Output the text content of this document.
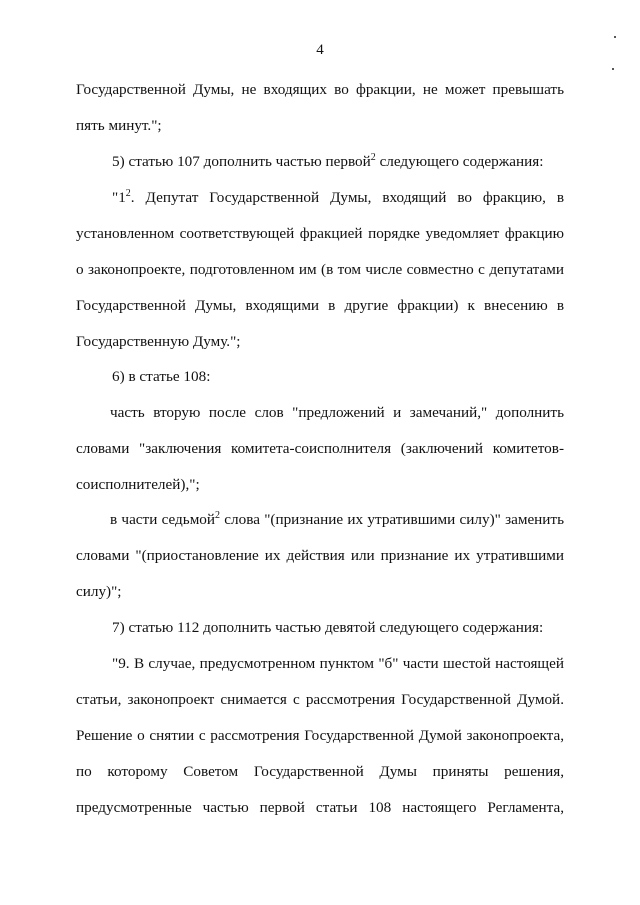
4
Государственной Думы, не входящих во фракции, не может превышать
пять минут.";
5) статью 107 дополнить частью первой$^2$ следующего содержания:
"$1^2$. Депутат Государственной Думы, входящий во фракцию, в
установленном соответствующей фракцией порядке уведомляет фракцию
о законопроекте, подготовленном им (в том числе совместно с депутатами
Государственной Думы, входящими в другие фракции) к внесению в
Государственную Думу.";
6) в статье 108:
часть вторую после слов "предложений и замечаний," дополнить
словами "заключения комитета-соисполнителя (заключений комитетов-
соисполнителей),";
в части седьмой$^2$ слова "(признание их утратившими силу)" заменить
словами "(приостановление их действия или признание их утратившими
силу)";
7) статью 112 дополнить частью девятой следующего содержания:
"9. В случае, предусмотренном пунктом "б" части шестой настоящей
статьи, законопроект снимается с рассмотрения Государственной Думой.
Решение о снятии с рассмотрения Государственной Думой законопроекта,
по которому Советом Государственной Думы приняты решения,
предусмотренные частью первой статьи 108 настоящего Регламента,
